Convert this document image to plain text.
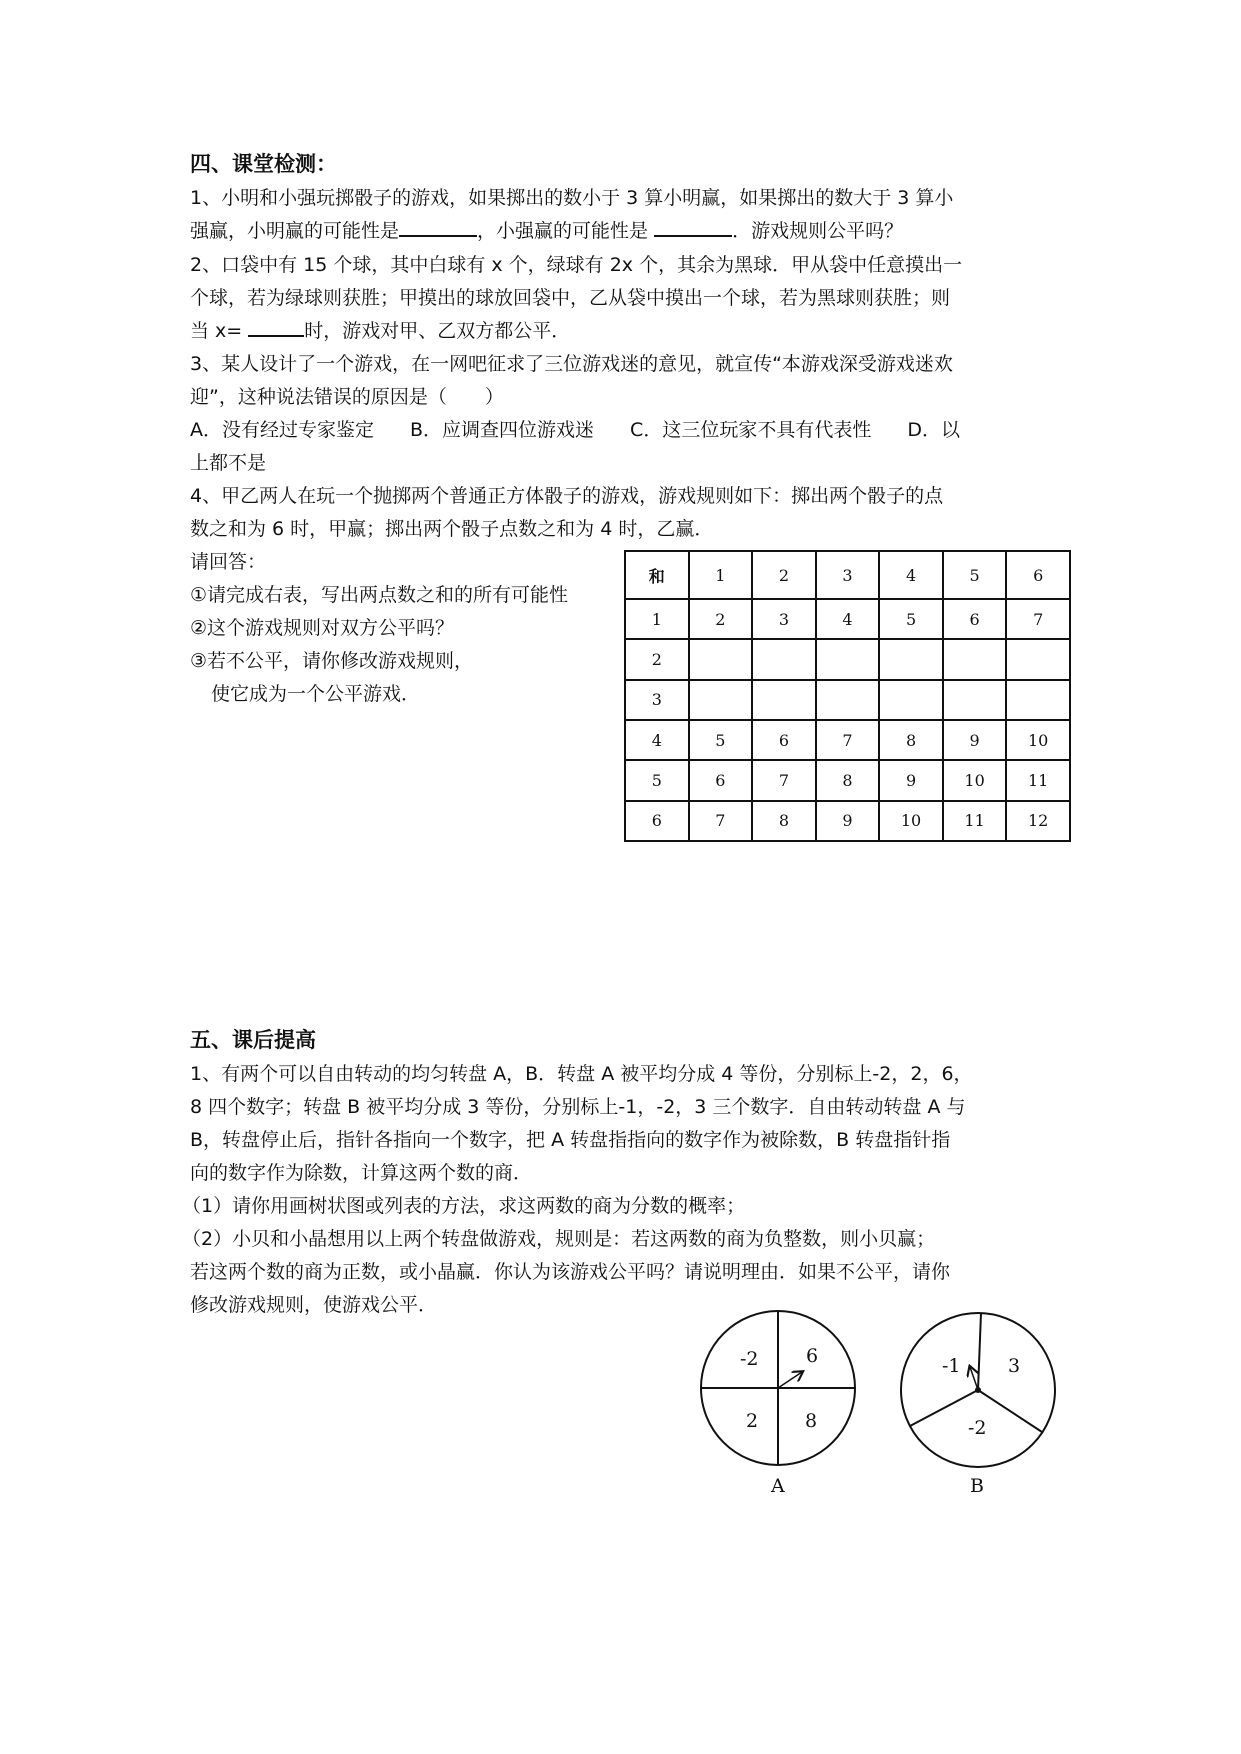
四、课堂检测：
1、小明和小强玩掷骰子的游戏，如果掷出的数小于 3 算小明赢，如果掷出的数大于 3 算小
强赢，小明赢的可能性是	，小强赢的可能性是	．游戏规则公平吗？
2、口袋中有 15 个球，其中白球有 x 个，绿球有 2x 个，其余为黑球．甲从袋中任意摸出一
个球，若为绿球则获胜；甲摸出的球放回袋中，乙从袋中摸出一个球，若为黑球则获胜；则
当 x=	时，游戏对甲、乙双方都公平．
3、某人设计了一个游戏，在一网吧征求了三位游戏迷的意见，就宣传“本游戏深受游戏迷欢
迎”，这种说法错误的原因是（　　）
A．没有经过专家鉴定 B．应调查四位游戏迷 C．这三位玩家不具有代表性 D．以
上都不是
4、甲乙两人在玩一个抛掷两个普通正方体骰子的游戏，游戏规则如下：掷出两个骰子的点
数之和为 6 时，甲赢；掷出两个骰子点数之和为 4 时，乙赢．
请回答：
①请完成右表，写出两点数之和的所有可能性
②这个游戏规则对双方公平吗？
③若不公平，请你修改游戏规则，
使它成为一个公平游戏．
和	1	2	3	4	5	6
1	2	3	4	5	6	7
2						
3						
4	5	6	7	8	9	10
5	6	7	8	9	10	11
6	7	8	9	10	11	12
五、课后提高
1、有两个可以自由转动的均匀转盘 A，B．转盘 A 被平均分成 4 等份，分别标上-2，2，6，
8 四个数字；转盘 B 被平均分成 3 等份，分别标上-1，-2，3 三个数字．自由转动转盘 A 与
B，转盘停止后，指针各指向一个数字，把 A 转盘指指向的数字作为被除数，B 转盘指针指
向的数字作为除数，计算这两个数的商．
（1）请你用画树状图或列表的方法，求这两数的商为分数的概率；
（2）小贝和小晶想用以上两个转盘做游戏，规则是：若这两数的商为负整数，则小贝赢；
若这两个数的商为正数，或小晶赢．你认为该游戏公平吗？请说明理由．如果不公平，请你
修改游戏规则，使游戏公平．
-2 6
2 8
A
-1 3
-2
B
